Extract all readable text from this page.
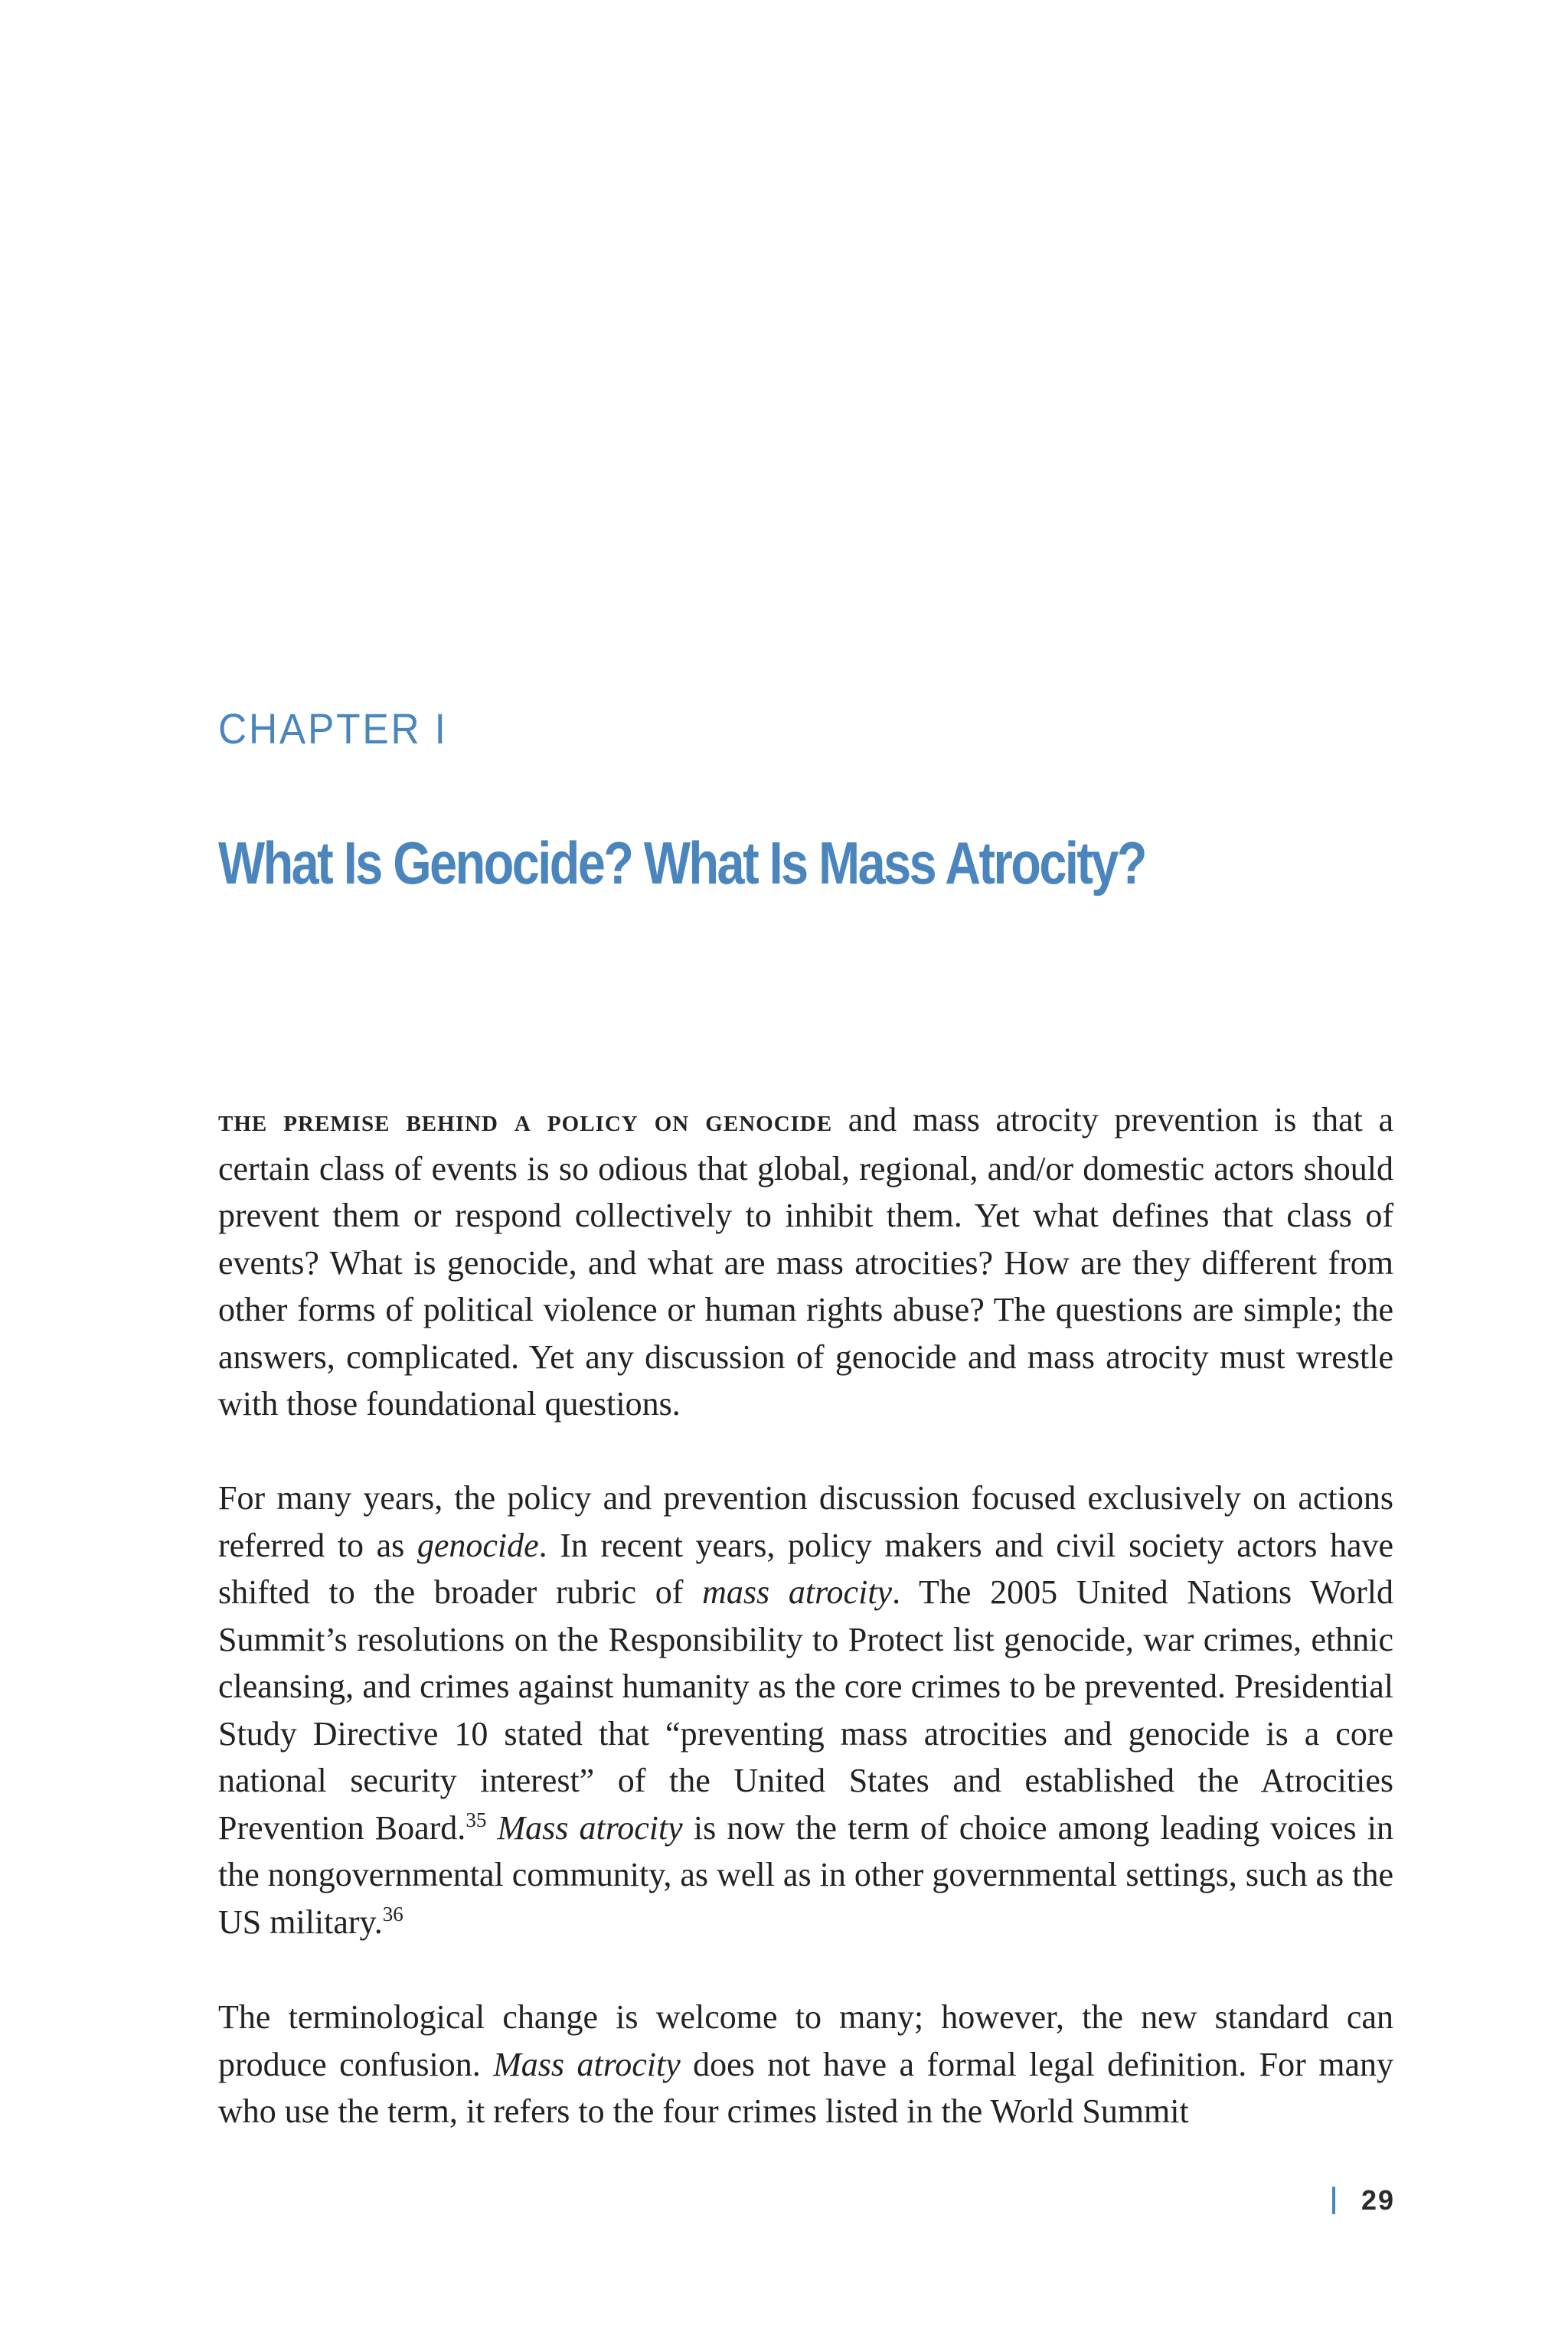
CHAPTER I
What Is Genocide? What Is Mass Atrocity?

the premise behind a policy on genocide and mass atrocity prevention is that a certain class of events is so odious that global, regional, and/or domestic actors should prevent them or respond collectively to inhibit them. Yet what defines that class of events? What is genocide, and what are mass atrocities? How are they different from other forms of political violence or human rights abuse? The questions are simple; the answers, complicated. Yet any discussion of genocide and mass atrocity must wrestle with those foundational questions.

For many years, the policy and prevention discussion focused exclusively on actions referred to as genocide. In recent years, policy makers and civil society actors have shifted to the broader rubric of mass atrocity. The 2005 United Nations World Summit’s resolutions on the Responsibility to Protect list genocide, war crimes, ethnic cleansing, and crimes against humanity as the core crimes to be prevented. Presidential Study Directive 10 stated that “preventing mass atrocities and genocide is a core national security interest” of the United States and established the Atrocities Prevention Board.$^{35}$ Mass atrocity is now the term of choice among leading voices in the nongovernmental community, as well as in other governmental settings, such as the US military.$^{36}$

The terminological change is welcome to many; however, the new standard can produce confusion. Mass atrocity does not have a formal legal definition. For many who use the term, it refers to the four crimes listed in the World Summit

29
